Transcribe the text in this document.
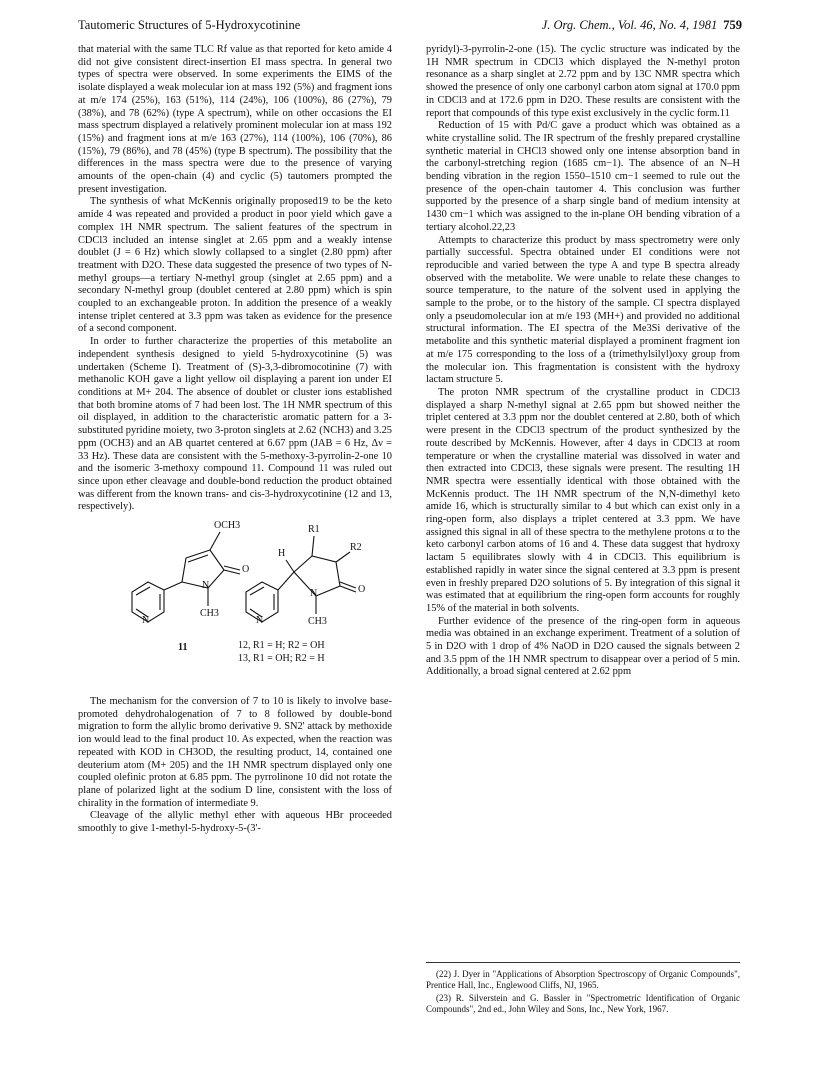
Tautomeric Structures of 5-Hydroxycotinine	J. Org. Chem., Vol. 46, No. 4, 1981 759

that material with the same TLC Rf value as that reported for keto amide 4 did not give consistent direct-insertion EI mass spectra. In general two types of spectra were observed. In some experiments the EIMS of the isolate displayed a weak molecular ion at mass 192 (5%) and fragment ions at m/e 174 (25%), 163 (51%), 114 (24%), 106 (100%), 86 (27%), 79 (38%), and 78 (62%) (type A spectrum), while on other occasions the EI mass spectrum displayed a relatively prominent molecular ion at mass 192 (15%) and fragment ions at m/e 163 (27%), 114 (100%), 106 (70%), 86 (15%), 79 (86%), and 78 (45%) (type B spectrum). The possibility that the differences in the mass spectra were due to the presence of varying amounts of the open-chain (4) and cyclic (5) tautomers prompted the present investigation.

The synthesis of what McKennis originally proposed19 to be the keto amide 4 was repeated and provided a product in poor yield which gave a complex 1H NMR spectrum. The salient features of the spectrum in CDCl3 included an intense singlet at 2.65 ppm and a weakly intense doublet (J = 6 Hz) which slowly collapsed to a singlet (2.80 ppm) after treatment with D2O. These data suggested the presence of two types of N-methyl groups—a tertiary N-methyl group (singlet at 2.65 ppm) and a secondary N-methyl group (doublet centered at 2.80 ppm) which is spin coupled to an exchangeable proton. In addition the presence of a weakly intense triplet centered at 3.3 ppm was taken as evidence for the presence of a second component.

In order to further characterize the properties of this metabolite an independent synthesis designed to yield 5-hydroxycotinine (5) was undertaken (Scheme I). Treatment of (S)-3,3-dibromocotinine (7) with methanolic KOH gave a light yellow oil displaying a parent ion under EI conditions at M+ 204. The absence of doublet or cluster ions established that both bromine atoms of 7 had been lost. The 1H NMR spectrum of this oil displayed, in addition to the characteristic aromatic pattern for a 3-substituted pyridine moiety, two 3-proton singlets at 2.62 (NCH3) and 3.25 ppm (OCH3) and an AB quartet centered at 6.67 ppm (JAB = 6 Hz, Δν = 33 Hz). These data are consistent with the 5-methoxy-3-pyrrolin-2-one 10 and the isomeric 3-methoxy compound 11. Compound 11 was ruled out since upon ether cleavage and double-bond reduction the product obtained was different from the known trans- and cis-3-hydroxycotinine (12 and 13, respectively).

OCH3
O
N
CH3
N
R1
R2
H
O
N
CH3
N
11	12, R1 = H; R2 = OH
13, R1 = OH; R2 = H

The mechanism for the conversion of 7 to 10 is likely to involve base-promoted dehydrohalogenation of 7 to 8 followed by double-bond migration to form the allylic bromo derivative 9. SN2' attack by methoxide ion would lead to the final product 10. As expected, when the reaction was repeated with KOD in CH3OD, the resulting product, 14, contained one deuterium atom (M+ 205) and the 1H NMR spectrum displayed only one coupled olefinic proton at 6.85 ppm. The pyrrolinone 10 did not rotate the plane of polarized light at the sodium D line, consistent with the loss of chirality in the formation of intermediate 9.

Cleavage of the allylic methyl ether with aqueous HBr proceeded smoothly to give 1-methyl-5-hydroxy-5-(3'-

pyridyl)-3-pyrrolin-2-one (15). The cyclic structure was indicated by the 1H NMR spectrum in CDCl3 which displayed the N-methyl proton resonance as a sharp singlet at 2.72 ppm and by 13C NMR spectra which showed the presence of only one carbonyl carbon atom signal at 170.0 ppm in CDCl3 and at 172.6 ppm in D2O. These results are consistent with the report that compounds of this type exist exclusively in the cyclic form.11

Reduction of 15 with Pd/C gave a product which was obtained as a white crystalline solid. The IR spectrum of the freshly prepared crystalline synthetic material in CHCl3 showed only one intense absorption band in the carbonyl-stretching region (1685 cm−1). The absence of an N–H bending vibration in the region 1550–1510 cm−1 seemed to rule out the presence of the open-chain tautomer 4. This conclusion was further supported by the presence of a sharp single band of medium intensity at 1430 cm−1 which was assigned to the in-plane OH bending vibration of a tertiary alcohol.22,23

Attempts to characterize this product by mass spectrometry were only partially successful. Spectra obtained under EI conditions were not reproducible and varied between the type A and type B spectra already observed with the metabolite. We were unable to relate these changes to source temperature, to the nature of the solvent used in applying the sample to the probe, or to the history of the sample. CI spectra displayed only a pseudomolecular ion at m/e 193 (MH+) and provided no additional structural information. The EI spectra of the Me3Si derivative of the metabolite and this synthetic material displayed a prominent fragment ion at m/e 175 corresponding to the loss of a (trimethylsilyl)oxy group from the molecular ion. This fragmentation is consistent with the hydroxy lactam structure 5.

The proton NMR spectrum of the crystalline product in CDCl3 displayed a sharp N-methyl signal at 2.65 ppm but showed neither the triplet centered at 3.3 ppm nor the doublet centered at 2.80, both of which were present in the CDCl3 spectrum of the product synthesized by the route described by McKennis. However, after 4 days in CDCl3 at room temperature or when the crystalline material was dissolved in water and then extracted into CDCl3, these signals were present. The resulting 1H NMR spectra were essentially identical with those obtained with the McKennis product. The 1H NMR spectrum of the N,N-dimethyl keto amide 16, which is structurally similar to 4 but which can exist only in a ring-open form, also displays a triplet centered at 3.3 ppm. We have assigned this signal in all of these spectra to the methylene protons α to the keto carbonyl carbon atoms of 16 and 4. These data suggest that hydroxy lactam 5 equilibrates slowly with 4 in CDCl3. This equilibrium is established rapidly in water since the signal centered at 3.3 ppm is present even in freshly prepared D2O solutions of 5. By integration of this signal it was estimated that at equilibrium the ring-open form accounts for roughly 15% of the material in both solvents.

Further evidence of the presence of the ring-open form in aqueous media was obtained in an exchange experiment. Treatment of a solution of 5 in D2O with 1 drop of 4% NaOD in D2O caused the signals between 2 and 3.5 ppm of the 1H NMR spectrum to disappear over a period of 5 min. Additionally, a broad signal centered at 2.62 ppm

(22) J. Dyer in "Applications of Absorption Spectroscopy of Organic Compounds", Prentice Hall, Inc., Englewood Cliffs, NJ, 1965.

(23) R. Silverstein and G. Bassler in "Spectrometric Identification of Organic Compounds", 2nd ed., John Wiley and Sons, Inc., New York, 1967.
